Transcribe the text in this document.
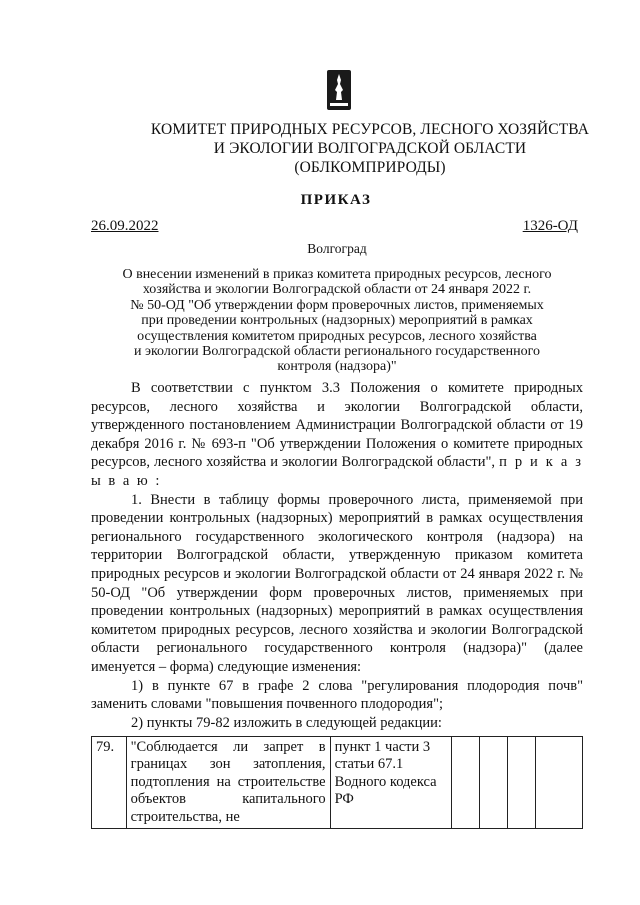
КОМИТЕТ ПРИРОДНЫХ РЕСУРСОВ, ЛЕСНОГО ХОЗЯЙСТВА
И ЭКОЛОГИИ ВОЛГОГРАДСКОЙ ОБЛАСТИ
(ОБЛКОМПРИРОДЫ)
ПРИКАЗ
26.09.2022	1326-ОД
Волгоград
О внесении изменений в приказ комитета природных ресурсов, лесного
хозяйства и экологии Волгоградской области от 24 января 2022 г.
№ 50-ОД "Об утверждении форм проверочных листов, применяемых
при проведении контрольных (надзорных) мероприятий в рамках
осуществления комитетом природных ресурсов, лесного хозяйства
и экологии Волгоградской области регионального государственного
контроля (надзора)"

В соответствии с пунктом 3.3 Положения о комитете природных ресурсов, лесного хозяйства и экологии Волгоградской области, утвержденного постановлением Администрации Волгоградской области от 19 декабря 2016 г. № 693-п "Об утверждении Положения о комитете природных ресурсов, лесного хозяйства и экологии Волгоградской области", п р и к а з ы в а ю :

1. Внести в таблицу формы проверочного листа, применяемой при проведении контрольных (надзорных) мероприятий в рамках осуществления регионального государственного экологического контроля (надзора) на территории Волгоградской области, утвержденную приказом комитета природных ресурсов и экологии Волгоградской области от 24 января 2022 г. № 50-ОД "Об утверждении форм проверочных листов, применяемых при проведении контрольных (надзорных) мероприятий в рамках осуществления комитетом природных ресурсов, лесного хозяйства и экологии Волгоградской области регионального государственного контроля (надзора)" (далее именуется – форма) следующие изменения:

1) в пункте 67 в графе 2 слова "регулирования плодородия почв" заменить словами "повышения почвенного плодородия";

2) пункты 79-82 изложить в следующей редакции:

79.	"Соблюдается ли запрет в границах зон затопления, подтопления на строительстве объектов капитального строительства, не	пункт 1 части 3 статьи 67.1 Водного кодекса РФ				
